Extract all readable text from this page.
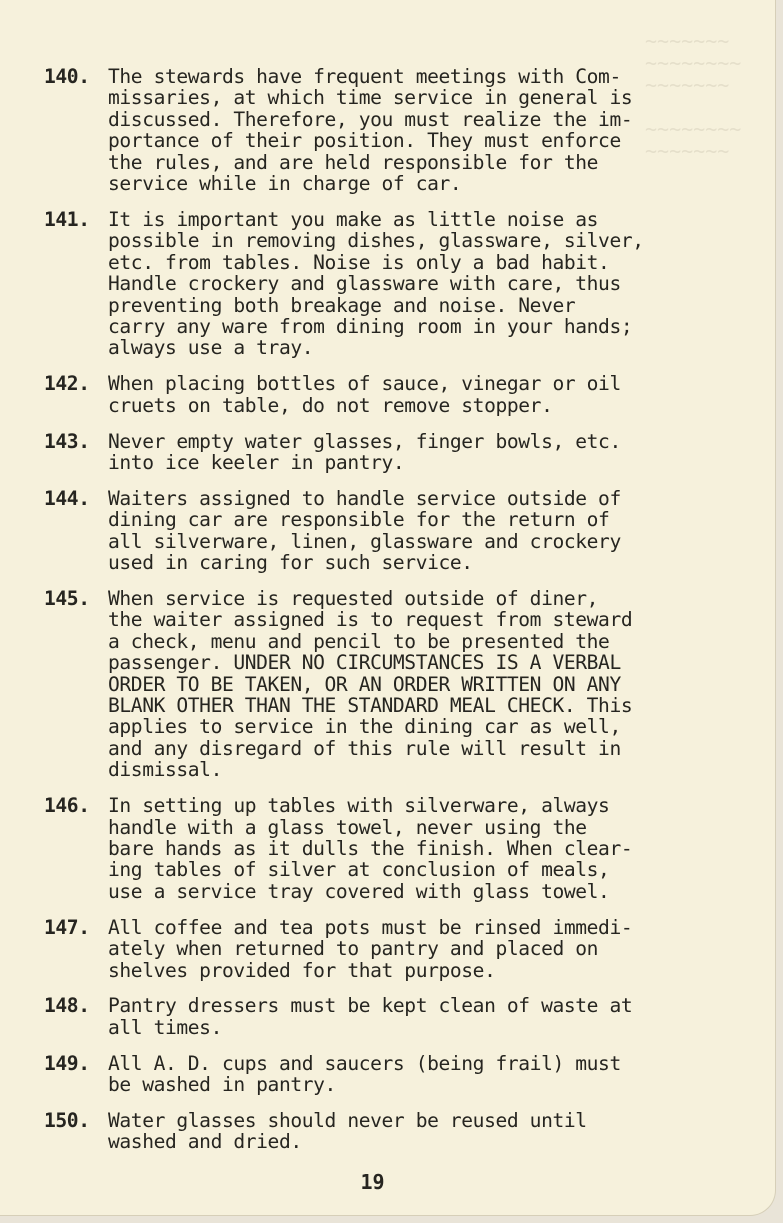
~~~~~~~
~~~~~~~~
~~~~~~~

~~~~~~~~
~~~~~~~
140. The stewards have frequent meetings with Com-
missaries, at which time service in general is
discussed. Therefore, you must realize the im-
portance of their position. They must enforce
the rules, and are held responsible for the
service while in charge of car.
141. It is important you make as little noise as
possible in removing dishes, glassware, silver,
etc. from tables. Noise is only a bad habit.
Handle crockery and glassware with care, thus
preventing both breakage and noise. Never
carry any ware from dining room in your hands;
always use a tray.
142. When placing bottles of sauce, vinegar or oil
cruets on table, do not remove stopper.
143. Never empty water glasses, finger bowls, etc.
into ice keeler in pantry.
144. Waiters assigned to handle service outside of
dining car are responsible for the return of
all silverware, linen, glassware and crockery
used in caring for such service.
145. When service is requested outside of diner,
the waiter assigned is to request from steward
a check, menu and pencil to be presented the
passenger. UNDER NO CIRCUMSTANCES IS A VERBAL
ORDER TO BE TAKEN, OR AN ORDER WRITTEN ON ANY
BLANK OTHER THAN THE STANDARD MEAL CHECK. This
applies to service in the dining car as well,
and any disregard of this rule will result in
dismissal.
146. In setting up tables with silverware, always
handle with a glass towel, never using the
bare hands as it dulls the finish. When clear-
ing tables of silver at conclusion of meals,
use a service tray covered with glass towel.
147. All coffee and tea pots must be rinsed immedi-
ately when returned to pantry and placed on
shelves provided for that purpose.
148. Pantry dressers must be kept clean of waste at
all times.
149. All A. D. cups and saucers (being frail) must
be washed in pantry.
150. Water glasses should never be reused until
washed and dried.
19
